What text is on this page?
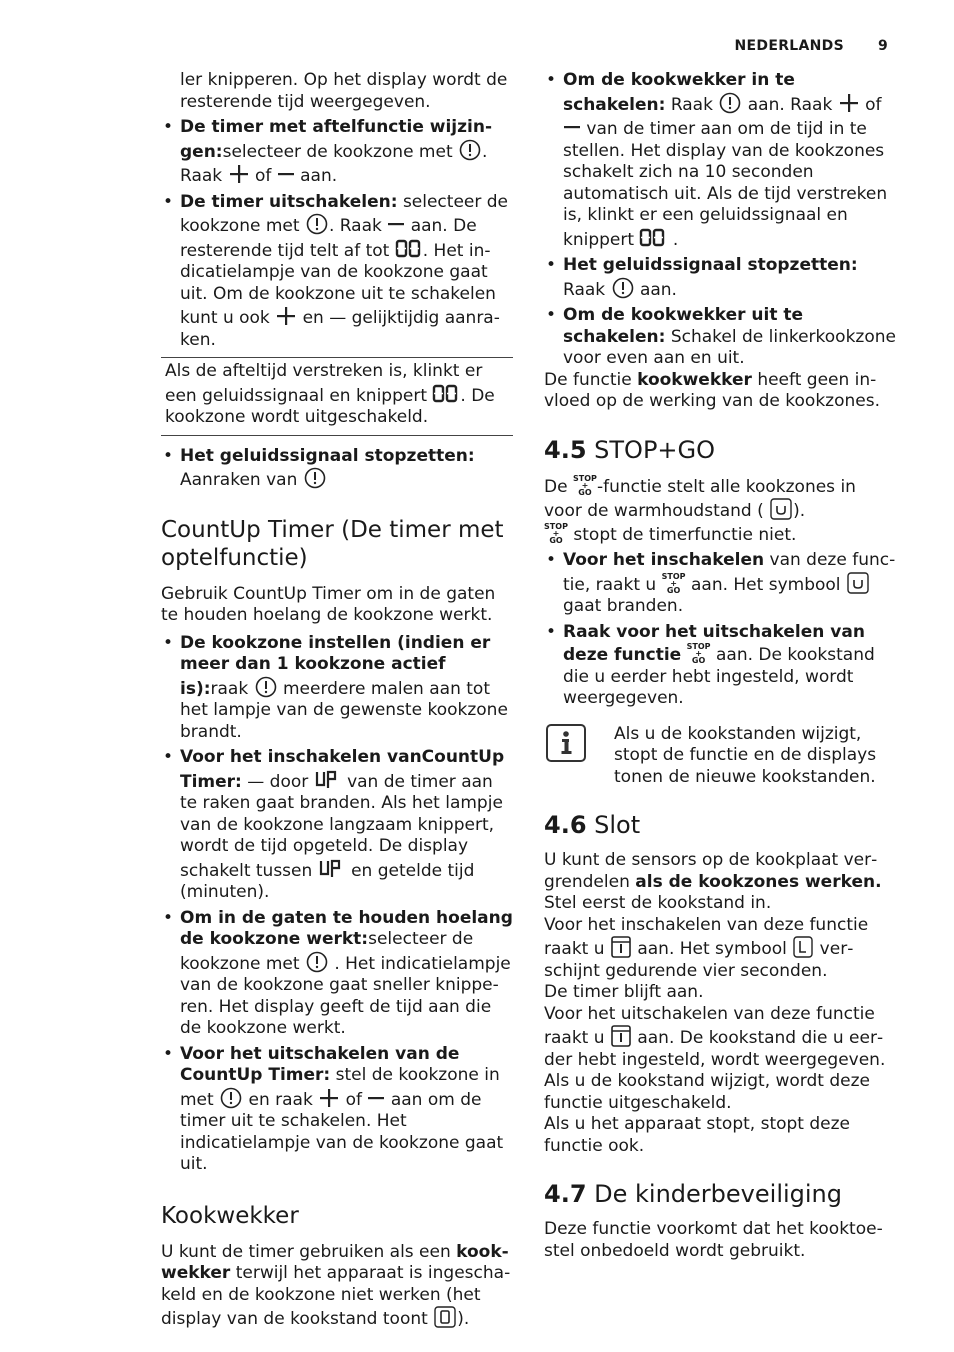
NEDERLANDS 9

ler knipperen. Op het display wordt de resterende tijd weergegeven.

• De timer met aftelfunctie wijzingen:selecteer de kookzone met . Raak of aan.
• De timer uitschakelen: selecteer de kookzone met . Raak aan. De resterende tijd telt af tot . Het indicatielampje van de kookzone gaat uit. Om de kookzone uit te schakelen kunt u ook en — gelijktijdig aanraken.
Als de afteltijd verstreken is, klinkt er een geluidssignaal en knippert . De kookzone wordt uitgeschakeld.
• Het geluidssignaal stopzetten: Aanraken van
CountUp Timer (De timer met optelfunctie)

Gebruik CountUp Timer om in de gaten te houden hoelang de kookzone werkt.

• De kookzone instellen (indien er meer dan 1 kookzone actief is):raak meerdere malen aan tot het lampje van de gewenste kookzone brandt.
• Voor het inschakelen vanCountUp Timer: — door van de timer aan te raken gaat branden. Als het lampje van de kookzone langzaam knippert, wordt de tijd opgeteld. De display schakelt tussen en getelde tijd (minuten).
• Om in de gaten te houden hoelang de kookzone werkt:selecteer de kookzone met . Het indicatielampje van de kookzone gaat sneller knipperen. Het display geeft de tijd aan die de kookzone werkt.
• Voor het uitschakelen van de CountUp Timer: stel de kookzone in met en raak of aan om de timer uit te schakelen. Het indicatielampje van de kookzone gaat uit.
Kookwekker

U kunt de timer gebruiken als een kookwekker terwijl het apparaat is ingeschakeld en de kookzone niet werken (het display van de kookstand toont ).

• Om de kookwekker in te schakelen: Raak aan. Raak of  van de timer aan om de tijd in te stellen. Het display van de kookzones schakelt zich na 10 seconden automatisch uit. Als de tijd verstreken is, klinkt er een geluidssignaal en knippert .
• Het geluidssignaal stopzetten: Raak aan.
• Om de kookwekker uit te schakelen: Schakel de linkerkookzone voor even aan en uit.

De functie kookwekker heeft geen invloed op de werking van de kookzones.

4.5 STOP+GO

De STOP
+
GO -functie stelt alle kookzones in voor de warmhoudstand ( ).
STOP
+
GO stopt de timerfunctie niet.

• Voor het inschakelen van deze functie, raakt u STOP
+
GO aan. Het symbool  gaat branden.
• Raak voor het uitschakelen van deze functie STOP
+
GO aan. De kookstand die u eerder hebt ingesteld, wordt weergegeven.

Als u de kookstanden wijzigt, stopt de functie en de displays tonen de nieuwe kookstanden.

4.6 Slot

U kunt de sensors op de kookplaat vergrendelen als de kookzones werken.
Stel eerst de kookstand in.
Voor het inschakelen van deze functie raakt u aan. Het symbool verschijnt gedurende vier seconden.
De timer blijft aan.
Voor het uitschakelen van deze functie raakt u aan. De kookstand die u eerder hebt ingesteld, wordt weergegeven.
Als u de kookstand wijzigt, wordt deze functie uitgeschakeld.
Als u het apparaat stopt, stopt deze functie ook.

4.7 De kinderbeveiliging

Deze functie voorkomt dat het kooktoestel onbedoeld wordt gebruikt.
